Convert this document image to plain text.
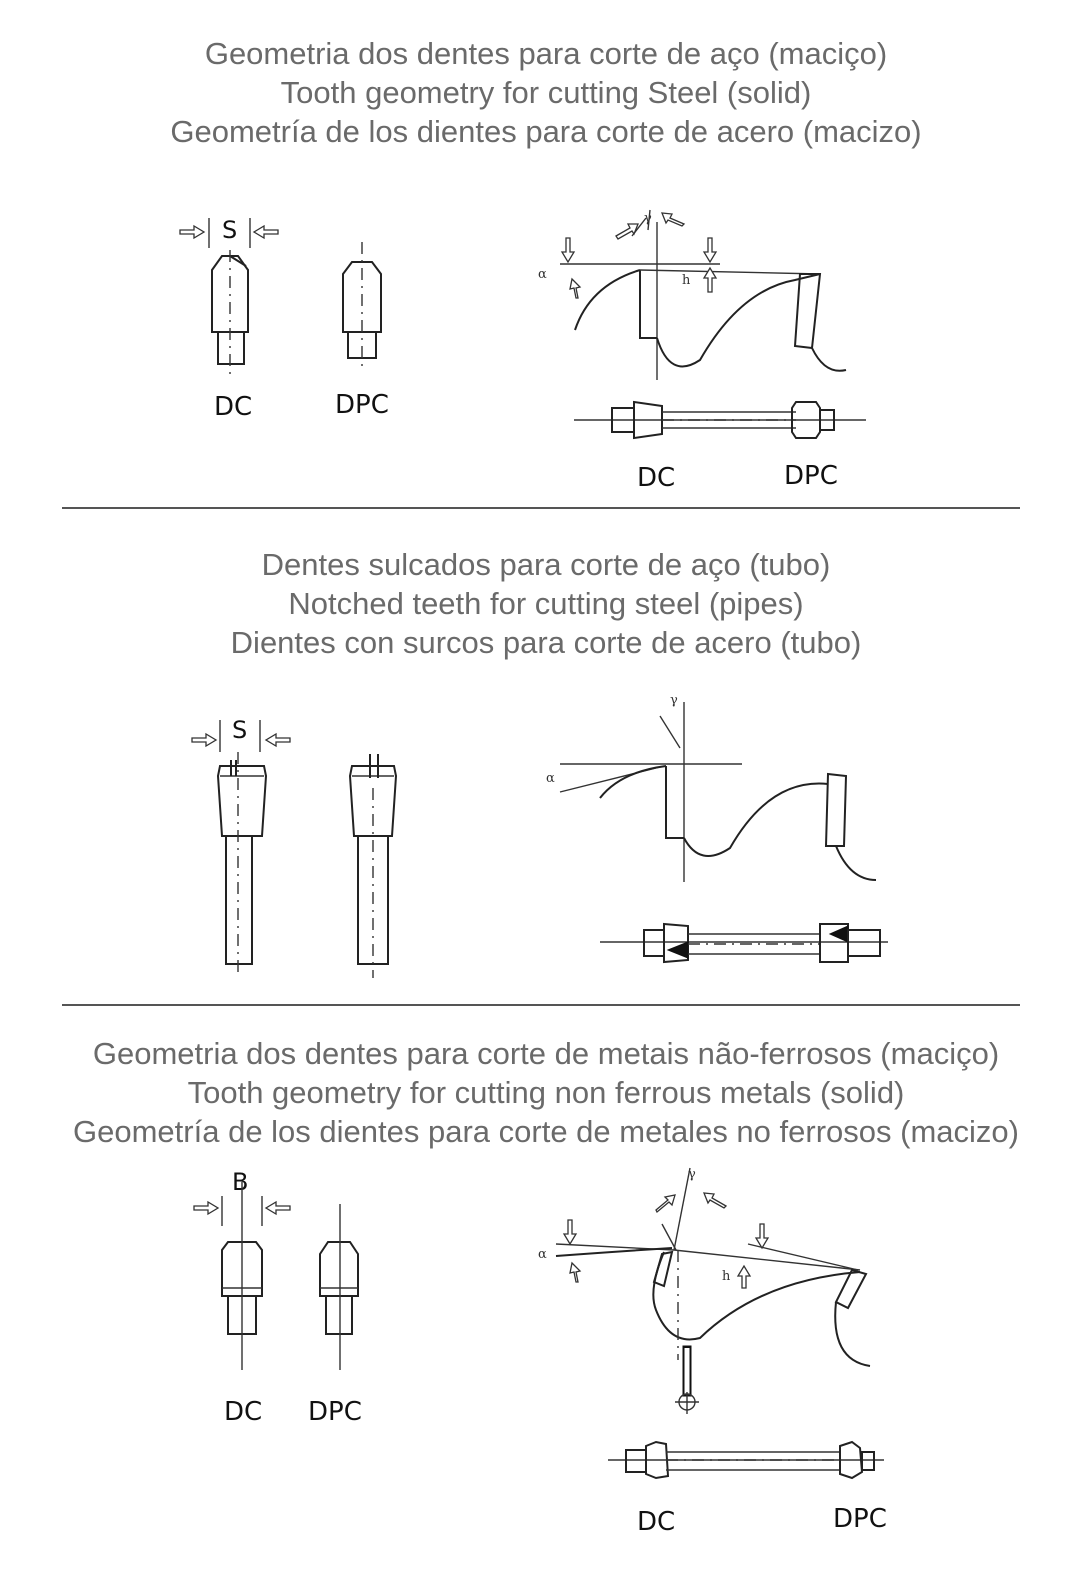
Geometria dos dentes para corte de aço (maciço)
Tooth geometry for cutting Steel (solid)
Geometría de los dientes para corte de acero (macizo)
S
DC	DPC
γ
α	h
DC	DPC
Dentes sulcados para corte de aço (tubo)
Notched teeth for cutting steel (pipes)
Dientes con surcos para corte de acero (tubo)
S
γ
α
Geometria dos dentes para corte de metais não-ferrosos (maciço)
Tooth geometry for cutting non ferrous metals (solid)
Geometría de los dientes para corte de metales no ferrosos (macizo)
B
DC DPC
γ
α
h
DC	DPC
